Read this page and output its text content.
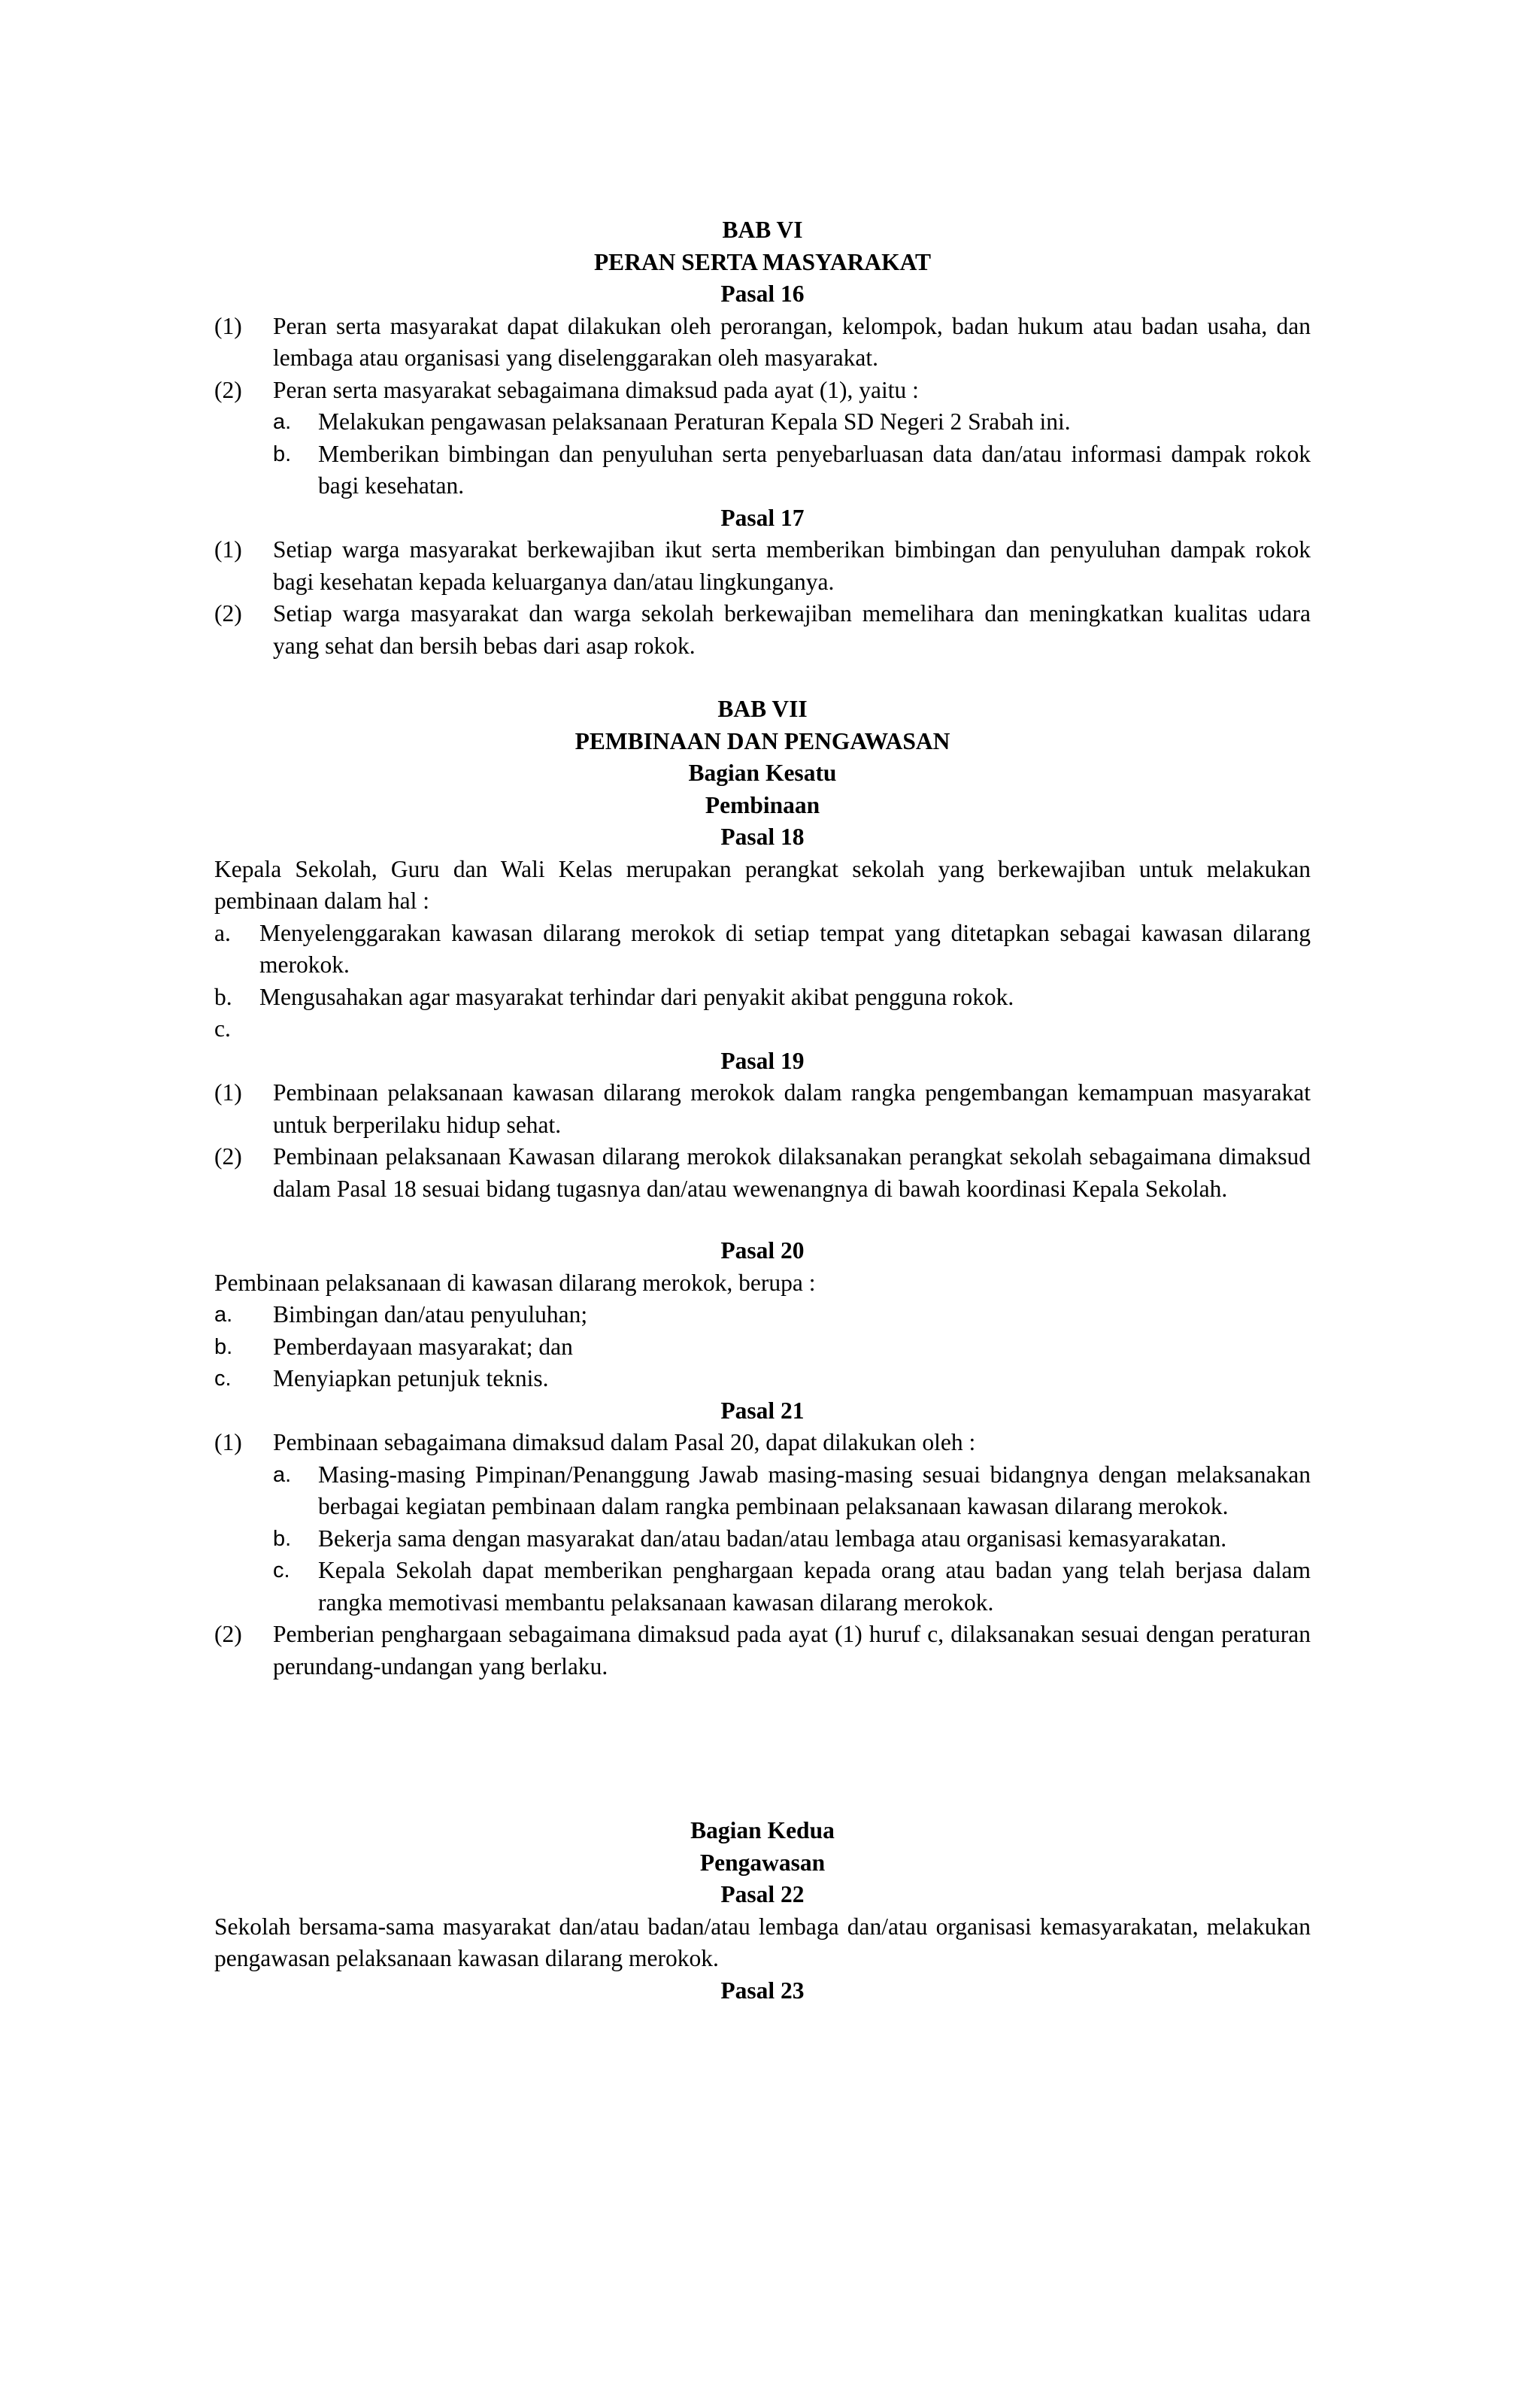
BAB VI

PERAN SERTA MASYARAKAT

Pasal 16

(1)	Peran serta masyarakat dapat dilakukan oleh perorangan, kelompok, badan hukum atau badan usaha, dan lembaga atau organisasi yang diselenggarakan oleh masyarakat.
(2)	Peran serta masyarakat sebagaimana dimaksud pada ayat (1), yaitu :
a.	Melakukan pengawasan pelaksanaan Peraturan Kepala SD Negeri 2 Srabah ini.
b.	Memberikan bimbingan dan penyuluhan serta penyebarluasan data dan/atau informasi dampak rokok bagi kesehatan.

Pasal 17

(1)	Setiap warga masyarakat berkewajiban ikut serta memberikan bimbingan dan penyuluhan dampak rokok bagi kesehatan kepada keluarganya dan/atau lingkunganya.
(2)	Setiap warga masyarakat dan warga sekolah berkewajiban memelihara dan meningkatkan kualitas udara yang sehat dan bersih bebas dari asap rokok.

BAB VII

PEMBINAAN DAN PENGAWASAN

Bagian Kesatu

Pembinaan

Pasal 18

Kepala Sekolah, Guru dan Wali Kelas merupakan perangkat sekolah yang berkewajiban untuk melakukan pembinaan dalam hal :

a.	Menyelenggarakan kawasan dilarang merokok di setiap tempat yang ditetapkan sebagai kawasan dilarang merokok.
b.	Mengusahakan agar masyarakat terhindar dari penyakit akibat pengguna rokok.
c.

Pasal 19

(1)	Pembinaan pelaksanaan kawasan dilarang merokok dalam rangka pengembangan kemampuan masyarakat untuk berperilaku hidup sehat.
(2)	Pembinaan pelaksanaan Kawasan dilarang merokok dilaksanakan perangkat sekolah sebagaimana dimaksud dalam Pasal 18 sesuai bidang tugasnya dan/atau wewenangnya di bawah koordinasi Kepala Sekolah.

Pasal 20

Pembinaan pelaksanaan di kawasan dilarang merokok, berupa :

a.	Bimbingan dan/atau penyuluhan;
b.	Pemberdayaan masyarakat; dan
c.	Menyiapkan petunjuk teknis.

Pasal 21

(1)	Pembinaan sebagaimana dimaksud dalam Pasal 20, dapat dilakukan oleh :
a.	Masing-masing Pimpinan/Penanggung Jawab masing-masing sesuai bidangnya dengan melaksanakan berbagai kegiatan pembinaan dalam rangka pembinaan pelaksanaan kawasan dilarang merokok.
b.	Bekerja sama dengan masyarakat dan/atau badan/atau lembaga atau organisasi kemasyarakatan.
c.	Kepala Sekolah dapat memberikan penghargaan kepada orang atau badan yang telah berjasa dalam rangka memotivasi membantu pelaksanaan kawasan dilarang merokok.
(2)	Pemberian penghargaan sebagaimana dimaksud pada ayat (1) huruf c, dilaksanakan sesuai dengan peraturan perundang-undangan yang berlaku.

Bagian Kedua

Pengawasan

Pasal 22

Sekolah bersama-sama masyarakat dan/atau badan/atau lembaga dan/atau organisasi kemasyarakatan, melakukan pengawasan pelaksanaan kawasan dilarang merokok.

Pasal 23
